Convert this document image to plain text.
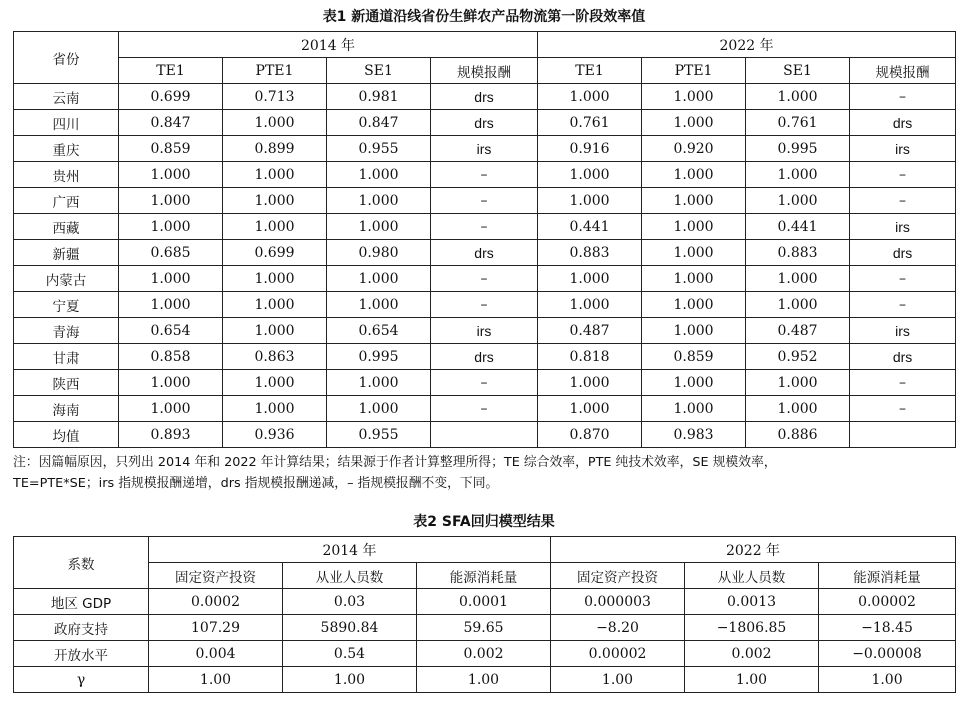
表1 新通道沿线省份生鲜农产品物流第一阶段效率值
省份	2014 年				2022 年			
	TE1	PTE1	SE1	规模报酬	TE1	PTE1	SE1	规模报酬
云南	0.699	0.713	0.981	drs	1.000	1.000	1.000	–
四川	0.847	1.000	0.847	drs	0.761	1.000	0.761	drs
重庆	0.859	0.899	0.955	irs	0.916	0.920	0.995	irs
贵州	1.000	1.000	1.000	–	1.000	1.000	1.000	–
广西	1.000	1.000	1.000	–	1.000	1.000	1.000	–
西藏	1.000	1.000	1.000	–	0.441	1.000	0.441	irs
新疆	0.685	0.699	0.980	drs	0.883	1.000	0.883	drs
内蒙古	1.000	1.000	1.000	–	1.000	1.000	1.000	–
宁夏	1.000	1.000	1.000	–	1.000	1.000	1.000	–
青海	0.654	1.000	0.654	irs	0.487	1.000	0.487	irs
甘肃	0.858	0.863	0.995	drs	0.818	0.859	0.952	drs
陕西	1.000	1.000	1.000	–	1.000	1.000	1.000	–
海南	1.000	1.000	1.000	–	1.000	1.000	1.000	–
均值	0.893	0.936	0.955		0.870	0.983	0.886	

注：因篇幅原因，只列出 2014 年和 2022 年计算结果；结果源于作者计算整理所得；TE 综合效率，PTE 纯技术效率，SE 规模效率，

TE=PTE*SE；irs 指规模报酬递增，drs 指规模报酬递减，– 指规模报酬不变，下同。

表2 SFA回归模型结果
系数	2014 年			2022 年		
	固定资产投资	从业人员数	能源消耗量	固定资产投资	从业人员数	能源消耗量
地区 GDP	0.0002	0.03	0.0001	0.000003	0.0013	0.00002
政府支持	107.29	5890.84	59.65	−8.20	−1806.85	−18.45
开放水平	0.004	0.54	0.002	0.00002	0.002	−0.00008
γ	1.00	1.00	1.00	1.00	1.00	1.00
